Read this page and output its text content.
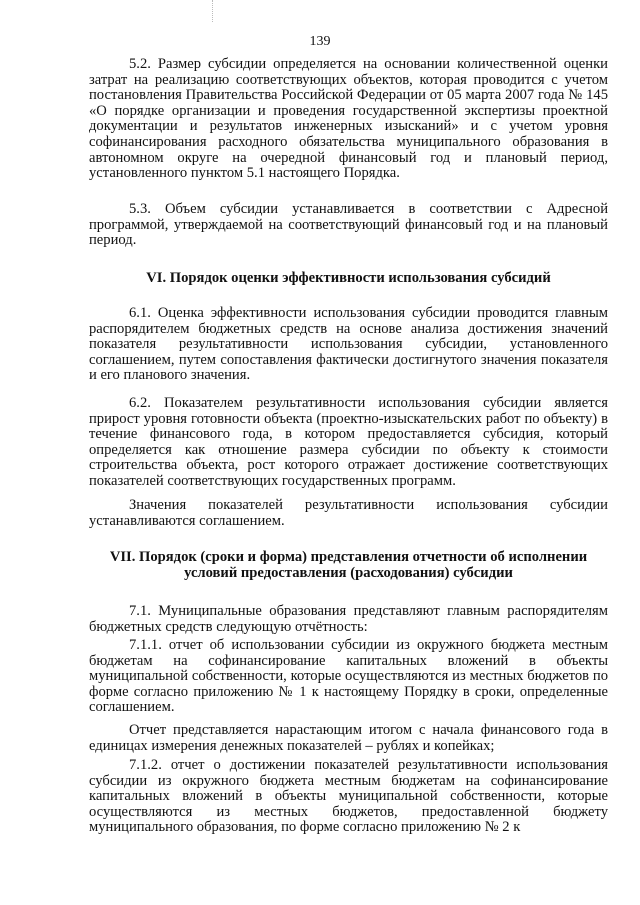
139

5.2. Размер субсидии определяется на основании количественной оценки затрат на реализацию соответствующих объектов, которая проводится с учетом постановления Правительства Российской Федерации от 05 марта 2007 года № 145 «О порядке организации и проведения государственной экспертизы проектной документации и результатов инженерных изысканий» и с учетом уровня софинансирования расходного обязательства муниципального образования в автономном округе на очередной финансовый год и плановый период, установленного пунктом 5.1 настоящего Порядка.

5.3. Объем субсидии устанавливается в соответствии с Адресной программой, утверждаемой на соответствующий финансовый год и на плановый период.

VI. Порядок оценки эффективности использования субсидий

6.1. Оценка эффективности использования субсидии проводится главным распорядителем бюджетных средств на основе анализа достижения значений показателя результативности использования субсидии, установленного соглашением, путем сопоставления фактически достигнутого значения показателя и его планового значения.

6.2. Показателем результативности использования субсидии является прирост уровня готовности объекта (проектно-изыскательских работ по объекту) в течение финансового года, в котором предоставляется субсидия, который определяется как отношение размера субсидии по объекту к стоимости строительства объекта, рост которого отражает достижение соответствующих показателей соответствующих государственных программ.

Значения показателей результативности использования субсидии устанавливаются соглашением.

VII. Порядок (сроки и форма) представления отчетности об исполнении

условий предоставления (расходования) субсидии

7.1. Муниципальные образования представляют главным распорядителям бюджетных средств следующую отчётность:

7.1.1. отчет об использовании субсидии из окружного бюджета местным бюджетам на софинансирование капитальных вложений в объекты муниципальной собственности, которые осуществляются из местных бюджетов по форме согласно приложению № 1 к настоящему Порядку в сроки, определенные соглашением.

Отчет представляется нарастающим итогом с начала финансового года в единицах измерения денежных показателей – рублях и копейках;

7.1.2. отчет о достижении показателей результативности использования субсидии из окружного бюджета местным бюджетам на софинансирование капитальных вложений в объекты муниципальной собственности, которые осуществляются из местных бюджетов, предоставленной бюджету муниципального образования, по форме согласно приложению № 2 к
